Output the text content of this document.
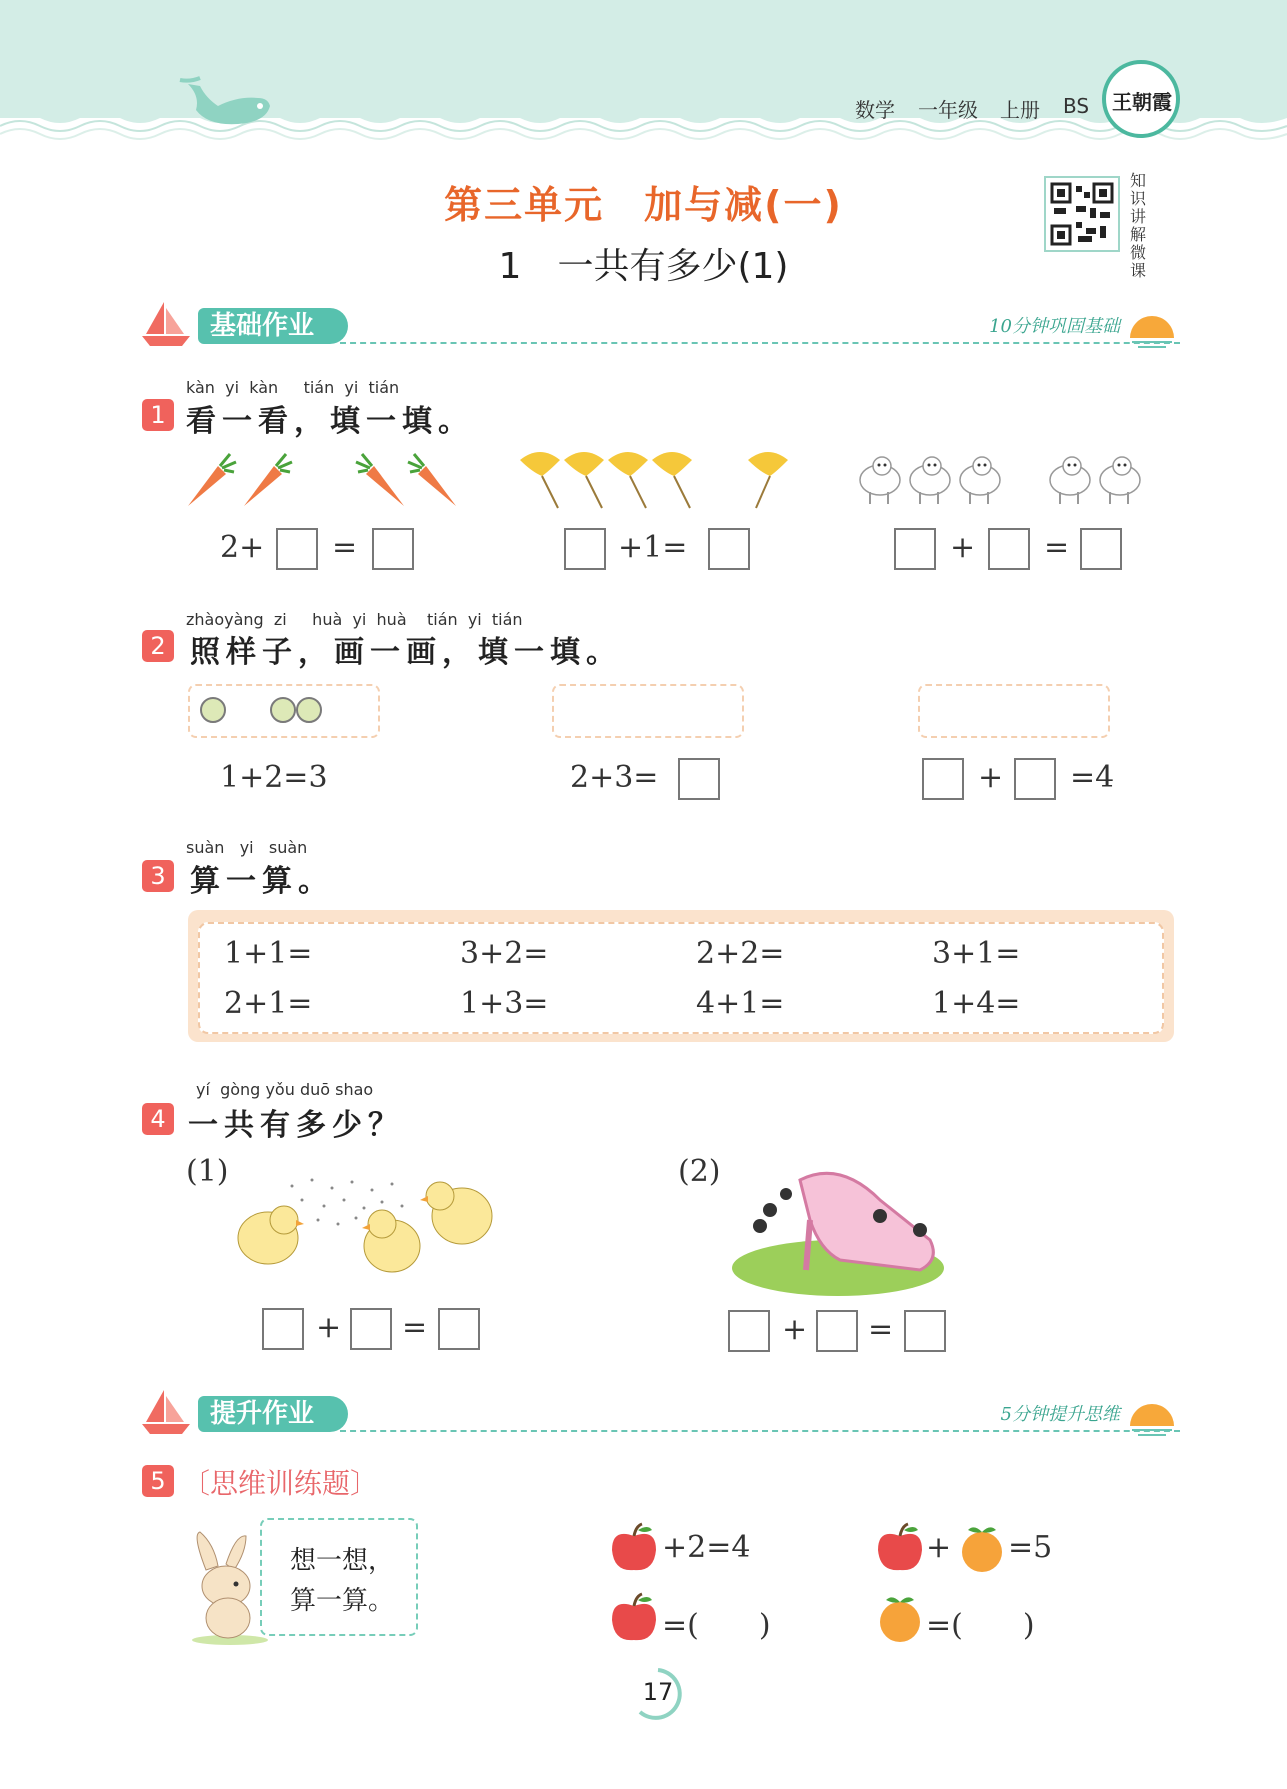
数学 一年级 上册 BS 王朝霞
第三单元　加与减(一)
1　一共有多少(1)
知识讲解微课
基础作业	10分钟巩固基础
kàn yi kàn tián yi tián
1 看一看，填一填。
2+ =	+1=	+ =
zhàoyàng zi huà yi huà tián yi tián
2 照样子，画一画，填一填。
1+2=3	2+3=	+ =4
suàn yi suàn
3 算一算。
1+1=	3+2=	2+2=	3+1=
2+1=	1+3=	4+1=	1+4=
yí gòng yǒu duō shao
4 一共有多少？
(1)
+ =
(2)
+ =
提升作业	5分钟提升思维
5 〔思维训练题〕
想一想，
算一算。
+2=4	+ =5
=(　　)	=(　　)
17
